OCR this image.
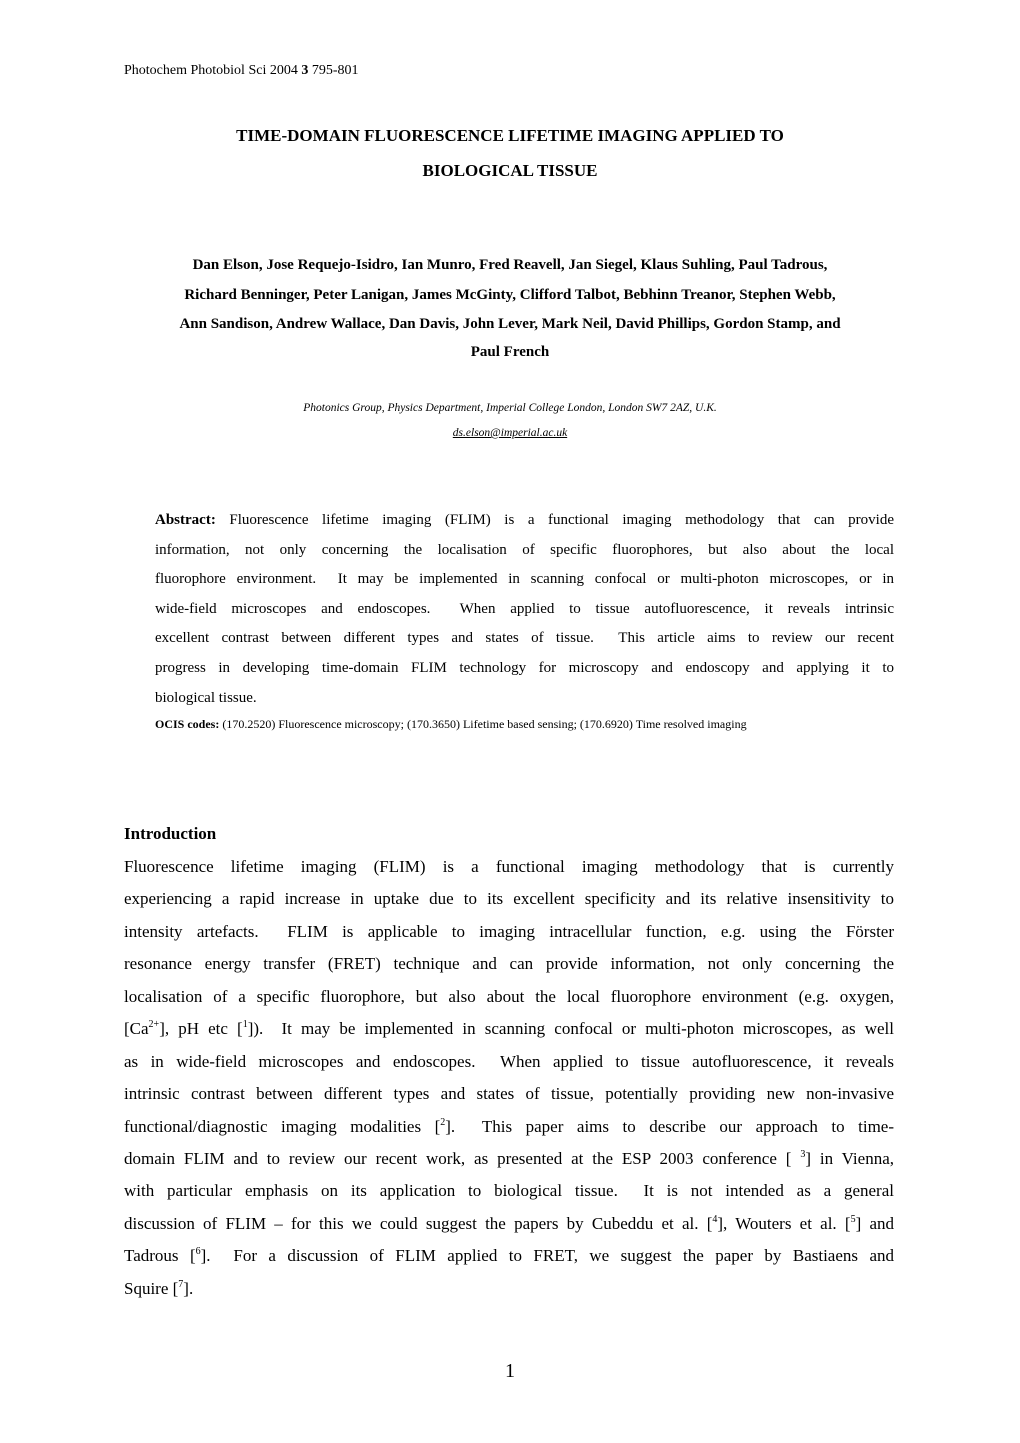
Photochem Photobiol Sci 2004 3 795-801
TIME-DOMAIN FLUORESCENCE LIFETIME IMAGING APPLIED TO
BIOLOGICAL TISSUE
Dan Elson, Jose Requejo-Isidro, Ian Munro, Fred Reavell, Jan Siegel, Klaus Suhling, Paul Tadrous,
Richard Benninger, Peter Lanigan, James McGinty, Clifford Talbot, Bebhinn Treanor, Stephen Webb,
Ann Sandison, Andrew Wallace, Dan Davis, John Lever, Mark Neil, David Phillips, Gordon Stamp, and
Paul French
Photonics Group, Physics Department, Imperial College London, London SW7 2AZ, U.K.
ds.elson@imperial.ac.uk
Abstract: Fluorescence lifetime imaging (FLIM) is a functional imaging methodology that can provide
information, not only concerning the localisation of specific fluorophores, but also about the local
fluorophore environment.  It may be implemented in scanning confocal or multi-photon microscopes, or in
wide-field microscopes and endoscopes.  When applied to tissue autofluorescence, it reveals intrinsic
excellent contrast between different types and states of tissue.  This article aims to review our recent
progress in developing time-domain FLIM technology for microscopy and endoscopy and applying it to
biological tissue.
OCIS codes: (170.2520) Fluorescence microscopy; (170.3650) Lifetime based sensing; (170.6920) Time resolved imaging
Introduction
Fluorescence lifetime imaging (FLIM) is a functional imaging methodology that is currently
experiencing a rapid increase in uptake due to its excellent specificity and its relative insensitivity to
intensity artefacts.  FLIM is applicable to imaging intracellular function, e.g. using the Förster
resonance energy transfer (FRET) technique and can provide information, not only concerning the
localisation of a specific fluorophore, but also about the local fluorophore environment (e.g. oxygen,
$[Ca^{2+}]$, pH etc [$^1$]).  It may be implemented in scanning confocal or multi-photon microscopes, as well
as in wide-field microscopes and endoscopes.  When applied to tissue autofluorescence, it reveals
intrinsic contrast between different types and states of tissue, potentially providing new non-invasive
functional/diagnostic imaging modalities [$^2$].  This paper aims to describe our approach to time-
domain FLIM and to review our recent work, as presented at the ESP 2003 conference [ $^3$] in Vienna,
with particular emphasis on its application to biological tissue.  It is not intended as a general
discussion of FLIM – for this we could suggest the papers by Cubeddu et al. [$^4$], Wouters et al. [$^5$] and
Tadrous [$^6$].  For a discussion of FLIM applied to FRET, we suggest the paper by Bastiaens and
Squire [$^7$].
1
